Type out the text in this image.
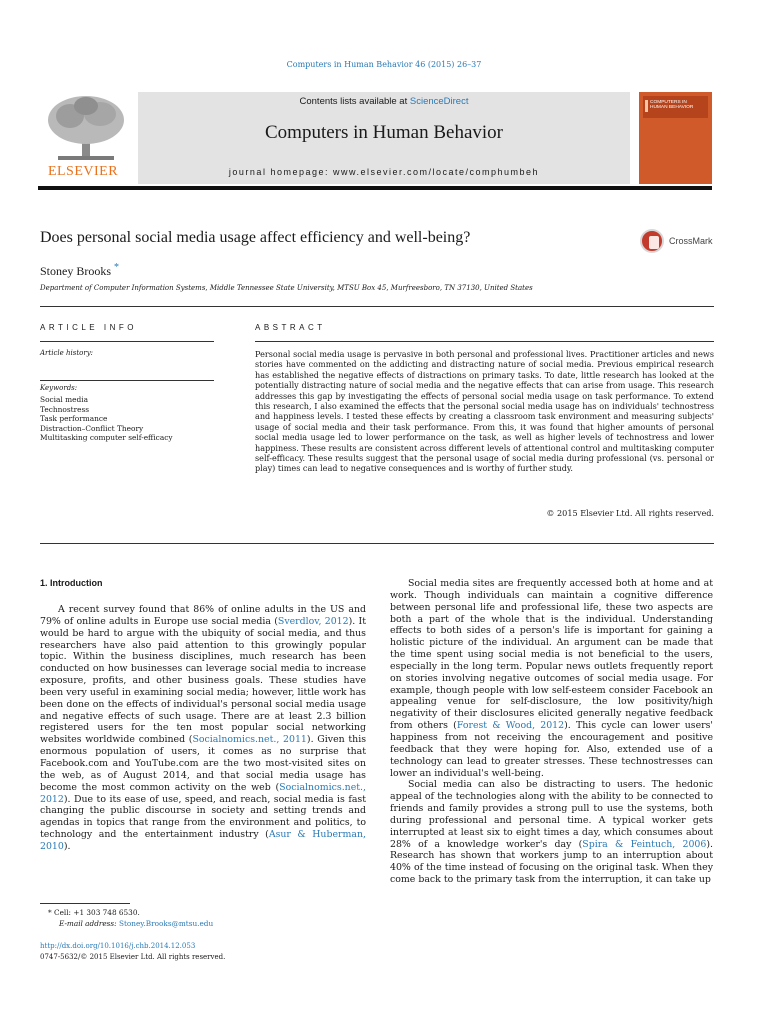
Computers in Human Behavior 46 (2015) 26–37
ELSEVIER
Contents lists available at ScienceDirect
Computers in Human Behavior
journal homepage: www.elsevier.com/locate/comphumbeh
COMPUTERS IN HUMAN BEHAVIOR
Does personal social media usage affect efficiency and well-being?	CrossMark
Stoney Brooks *
Department of Computer Information Systems, Middle Tennessee State University, MTSU Box 45, Murfreesboro, TN 37130, United States
ARTICLE INFO
Article history:
Keywords:
Social media
Technostress
Task performance
Distraction–Conflict Theory
Multitasking computer self-efficacy
ABSTRACT
Personal social media usage is pervasive in both personal and professional lives. Practitioner articles and news stories have commented on the addicting and distracting nature of social media. Previous empirical research has established the negative effects of distractions on primary tasks. To date, little research has looked at the potentially distracting nature of social media and the negative effects that can arise from usage. This research addresses this gap by investigating the effects of personal social media usage on task performance. To extend this research, I also examined the effects that the personal social media usage has on individuals' technostress and happiness levels. I tested these effects by creating a classroom task environment and measuring subjects' usage of social media and their task performance. From this, it was found that higher amounts of personal social media usage led to lower performance on the task, as well as higher levels of technostress and lower happiness. These results are consistent across different levels of attentional control and multitasking computer self-efficacy. These results suggest that the personal usage of social media during professional (vs. personal or play) times can lead to negative consequences and is worthy of further study.
© 2015 Elsevier Ltd. All rights reserved.
1. Introduction

A recent survey found that 86% of online adults in the US and 79% of online adults in Europe use social media (Sverdlov, 2012). It would be hard to argue with the ubiquity of social media, and thus researchers have also paid attention to this growingly popular topic. Within the business disciplines, much research has been conducted on how businesses can leverage social media to increase exposure, profits, and other business goals. These studies have been very useful in examining social media; however, little work has been done on the effects of individual's personal social media usage and negative effects of such usage. There are at least 2.3 billion registered users for the ten most popular social networking websites worldwide combined (Socialnomics.net., 2011). Given this enormous population of users, it comes as no surprise that Facebook.com and YouTube.com are the two most-visited sites on the web, as of August 2014, and that social media usage has become the most common activity on the web (Socialnomics.net., 2012). Due to its ease of use, speed, and reach, social media is fast changing the public discourse in society and setting trends and agendas in topics that range from the environment and politics, to technology and the entertainment industry (Asur & Huberman, 2010).

Social media sites are frequently accessed both at home and at work. Though individuals can maintain a cognitive difference between personal life and professional life, these two aspects are both a part of the whole that is the individual. Understanding effects to both sides of a person's life is important for gaining a holistic picture of the individual. An argument can be made that the time spent using social media is not beneficial to the users, especially in the long term. Popular news outlets frequently report on stories involving negative outcomes of social media usage. For example, though people with low self-esteem consider Facebook an appealing venue for self-disclosure, the low positivity/high negativity of their disclosures elicited generally negative feedback from others (Forest & Wood, 2012). This cycle can lower users' happiness from not receiving the encouragement and positive feedback that they were hoping for. Also, extended use of a technology can lead to greater stresses. These technostresses can lower an individual's well-being.

Social media can also be distracting to users. The hedonic appeal of the technologies along with the ability to be connected to friends and family provides a strong pull to use the systems, both during professional and personal time. A typical worker gets interrupted at least six to eight times a day, which consumes about 28% of a knowledge worker's day (Spira & Feintuch, 2006). Research has shown that workers jump to an interruption about 40% of the time instead of focusing on the original task. When they come back to the primary task from the interruption, it can take up

* Cell: +1 303 748 6530.
E-mail address: Stoney.Brooks@mtsu.edu
http://dx.doi.org/10.1016/j.chb.2014.12.053
0747-5632/© 2015 Elsevier Ltd. All rights reserved.
